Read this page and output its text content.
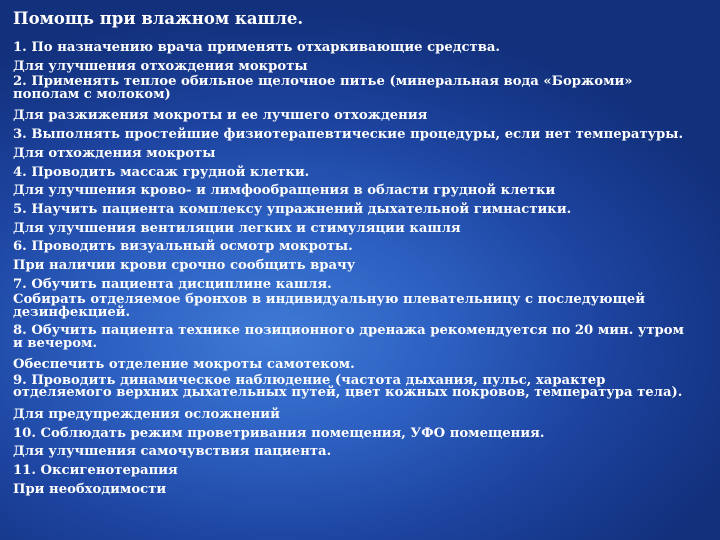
Помощь при влажном кашле.
1. По назначению врача применять отхаркивающие средства.
Для улучшения отхождения мокроты
2. Применять теплое обильное щелочное питье (минеральная вода «Боржоми»
пополам с молоком)
Для разжижения мокроты и ее лучшего отхождения
3. Выполнять простейшие физиотерапевтические процедуры, если нет температуры.
Для отхождения мокроты
4. Проводить массаж грудной клетки.
Для улучшения крово- и лимфообращения в области грудной клетки
5. Научить пациента комплексу упражнений дыхательной гимнастики.
Для улучшения вентиляции легких и стимуляции кашля
6. Проводить визуальный осмотр мокроты.
При наличии крови срочно сообщить врачу
7. Обучить пациента дисциплине кашля.
Собирать отделяемое бронхов в индивидуальную плевательницу с последующей
дезинфекцией.
8. Обучить пациента технике позиционного дренажа рекомендуется по 20 мин. утром
и вечером.
Обеспечить отделение мокроты самотеком.
9. Проводить динамическое наблюдение (частота дыхания, пульс, характер
отделяемого верхних дыхательных путей, цвет кожных покровов, температура тела).
Для предупреждения осложнений
10. Соблюдать режим проветривания помещения, УФО помещения.
Для улучшения самочувствия пациента.
11. Оксигенотерапия
При необходимости
